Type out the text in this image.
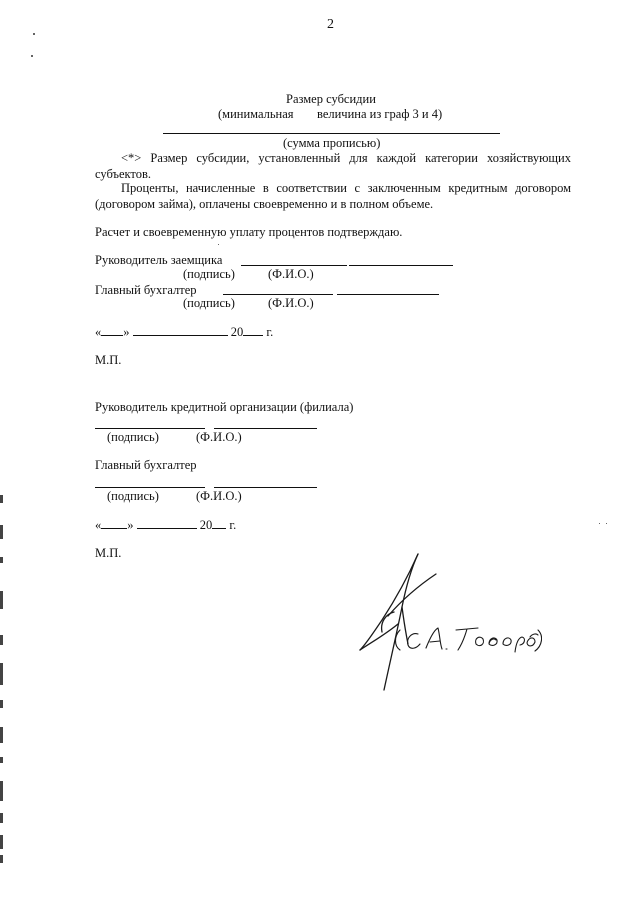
2
Размер субсидии
(минимальная величина из граф 3 и 4)
(сумма прописью)
<*> Размер субсидии, установленный для каждой категории хозяйствующих
субъектов.
Проценты, начисленные в соответствии с заключенным кредитным договором
(договором займа), оплачены своевременно и в полном объеме.
Расчет и своевременную уплату процентов подтверждаю.
Руководитель заемщика
(подпись)	(Ф.И.О.)
Главный бухгалтер
(подпись)	(Ф.И.О.)
« »	20 г.
М.П.
Руководитель кредитной организации (филиала)
(подпись)	(Ф.И.О.)
Главный бухгалтер
(подпись)	(Ф.И.О.)
« »	20 г.
М.П.
